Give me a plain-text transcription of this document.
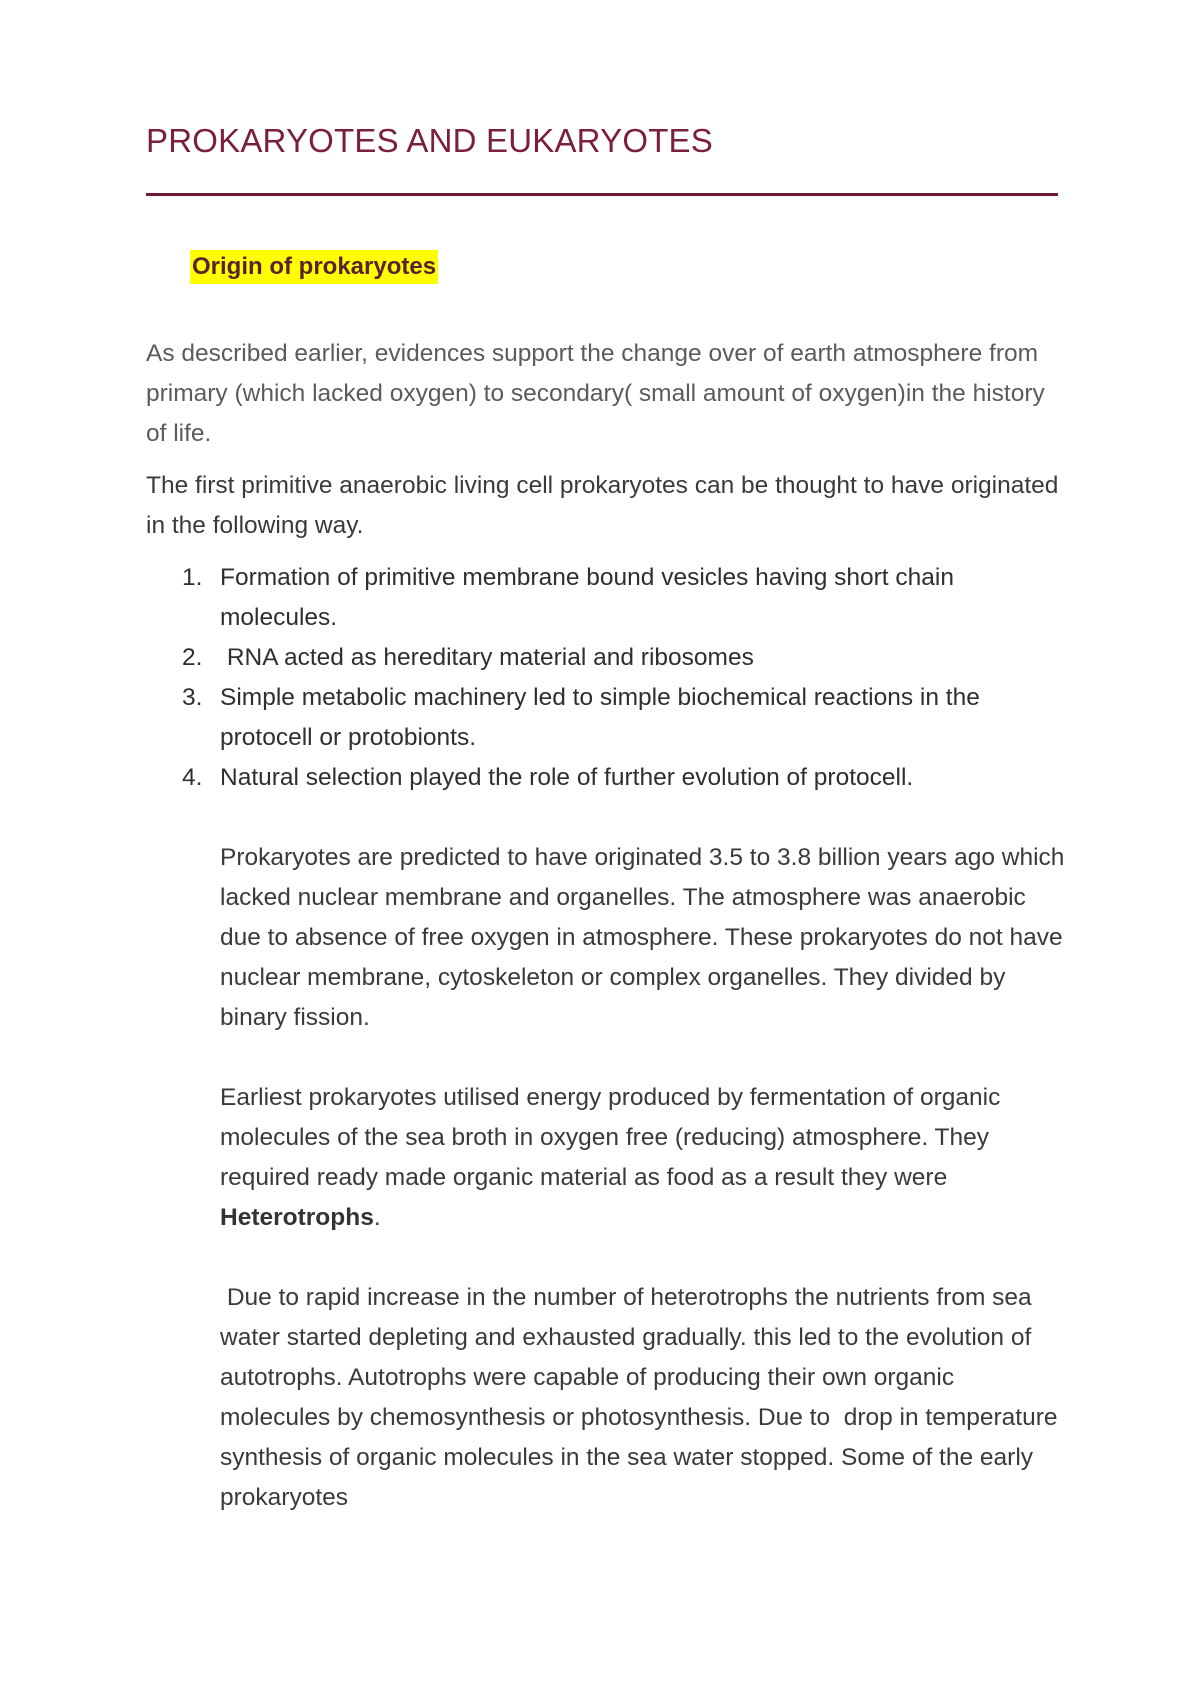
PROKARYOTES AND EUKARYOTES
Origin of prokaryotes
As described earlier, evidences support the change over of earth atmosphere from primary (which lacked oxygen) to secondary( small amount of oxygen)in the history of life.
The first primitive anaerobic living cell prokaryotes can be thought to have originated in the following way.
1. Formation of primitive membrane bound vesicles having short chain molecules.
2. RNA acted as hereditary material and ribosomes
3. Simple metabolic machinery led to simple biochemical reactions in the protocell or protobionts.
4. Natural selection played the role of further evolution of protocell.
Prokaryotes are predicted to have originated 3.5 to 3.8 billion years ago which lacked nuclear membrane and organelles. The atmosphere was anaerobic due to absence of free oxygen in atmosphere. These prokaryotes do not have nuclear membrane, cytoskeleton or complex organelles. They divided by binary fission.
Earliest prokaryotes utilised energy produced by fermentation of organic molecules of the sea broth in oxygen free (reducing) atmosphere. They required ready made organic material as food as a result they were Heterotrophs.
Due to rapid increase in the number of heterotrophs the nutrients from sea water started depleting and exhausted gradually. this led to the evolution of autotrophs. Autotrophs were capable of producing their own organic molecules by chemosynthesis or photosynthesis. Due to  drop in temperature synthesis of organic molecules in the sea water stopped. Some of the early prokaryotes
